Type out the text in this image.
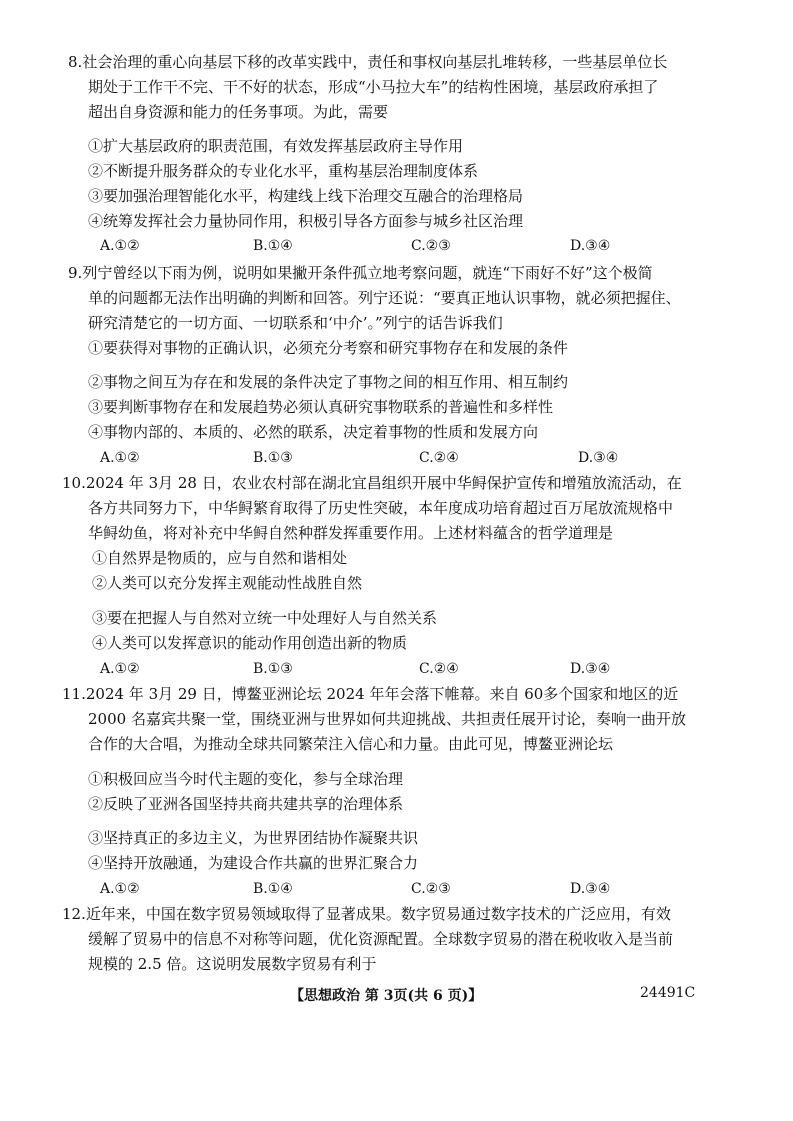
8.社会治理的重心向基层下移的改革实践中，责任和事权向基层扎堆转移，一些基层单位长
期处于工作干不完、干不好的状态，形成“小马拉大车”的结构性困境，基层政府承担了
超出自身资源和能力的任务事项。为此，需要

①扩大基层政府的职责范围，有效发挥基层政府主导作用
②不断提升服务群众的专业化水平，重构基层治理制度体系
③要加强治理智能化水平，构建线上线下治理交互融合的治理格局
④统筹发挥社会力量协同作用，积极引导各方面参与城乡社区治理
A.①②	B.①④	C.②③	D.③④

9.列宁曾经以下雨为例，说明如果撇开条件孤立地考察问题，就连“下雨好不好”这个极简
单的问题都无法作出明确的判断和回答。列宁还说：“要真正地认识事物，就必须把握住、
研究清楚它的一切方面、一切联系和‘中介’。”列宁的话告诉我们

①要获得对事物的正确认识，必须充分考察和研究事物存在和发展的条件
②事物之间互为存在和发展的条件决定了事物之间的相互作用、相互制约
③要判断事物存在和发展趋势必须认真研究事物联系的普遍性和多样性
④事物内部的、本质的、必然的联系，决定着事物的性质和发展方向
A.①②	B.①③	C.②④	D.③④

10.2024 年 3月 28 日，农业农村部在湖北宜昌组织开展中华鲟保护宣传和增殖放流活动，在
各方共同努力下，中华鲟繁育取得了历史性突破，本年度成功培育超过百万尾放流规格中
华鲟幼鱼，将对补充中华鲟自然种群发挥重要作用。上述材料蕴含的哲学道理是

①自然界是物质的，应与自然和谐相处
②人类可以充分发挥主观能动性战胜自然
③要在把握人与自然对立统一中处理好人与自然关系
④人类可以发挥意识的能动作用创造出新的物质
A.①②	B.①③	C.②④	D.③④

11.2024 年 3月 29 日，博鳌亚洲论坛 2024 年年会落下帷幕。来自 60多个国家和地区的近
2000 名嘉宾共聚一堂，围绕亚洲与世界如何共迎挑战、共担责任展开讨论，奏响一曲开放
合作的大合唱，为推动全球共同繁荣注入信心和力量。由此可见，博鳌亚洲论坛

①积极回应当今时代主题的变化，参与全球治理
②反映了亚洲各国坚持共商共建共享的治理体系
③坚持真正的多边主义，为世界团结协作凝聚共识
④坚持开放融通，为建设合作共赢的世界汇聚合力
A.①②	B.①④	C.②③	D.③④

12.近年来，中国在数字贸易领域取得了显著成果。数字贸易通过数字技术的广泛应用，有效
缓解了贸易中的信息不对称等问题，优化资源配置。全球数字贸易的潜在税收收入是当前
规模的 2.5 倍。这说明发展数字贸易有利于

【思想政治 第 3页(共 6 页)】	24491C
